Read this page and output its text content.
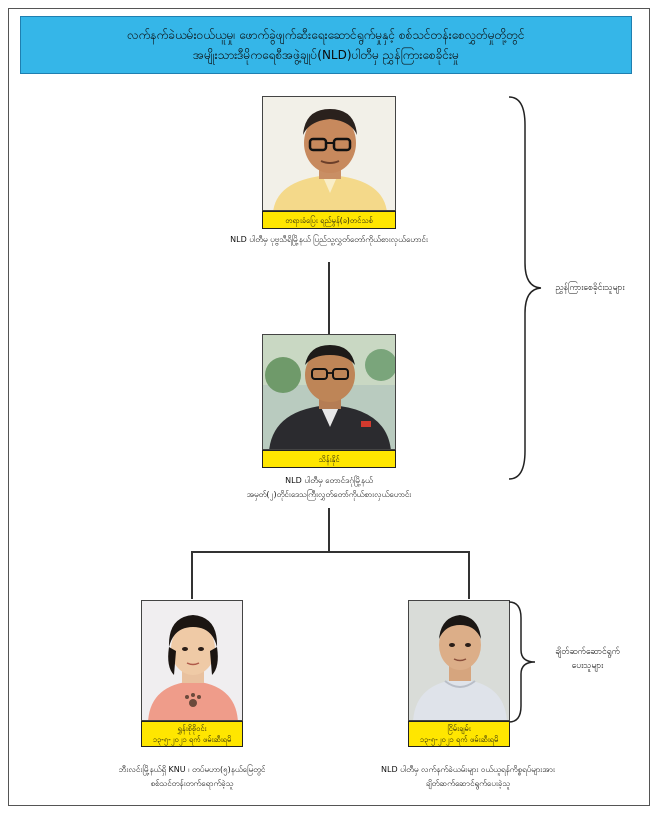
လက်နက်ခဲယမ်းဝယ်ယူမှု၊ ဖောက်ခွဲဖျက်ဆီးရေးဆောင်ရွက်မှုနှင့် စစ်သင်တန်းစေလွှတ်မှုတို့တွင်
အမျိုးသားဒီမိုကရေစီအဖွဲ့ချုပ်(NLD)ပါတီမှ ညွှန်ကြားစေခိုင်းမှု
တရားခံပြေး ရည်မွန်(ခ)တင်သစ်
NLD ပါတီမှ ပုဗ္ဗသီရိမြို့နယ် ပြည်သူ့လွှတ်တော်ကိုယ်စားလှယ်ဟောင်း
သိန်းနိုင်
NLD ပါတီမှ တောင်ဒဂုံမြို့နယ်
အမှတ်(၂)တိုင်းဒေသကြီးလွှတ်တော်ကိုယ်စားလှယ်ဟောင်း
ရွှန်းစိုစိုဝင်း
၁၃-၅-၂၀၂၁ ရက် ဖမ်းဆီးရမိ
ဘီးလင်းမြို့နယ်ရှိ KNU ၊ တပ်မဟာ(၅)နယ်မြေတွင်
စစ်သင်တန်းတက်ရောက်ခဲ့သူ
ငြိမ်းချမ်း
၁၃-၅-၂၀၂၁ ရက် ဖမ်းဆီးရမိ
NLD ပါတီမှ လက်နက်ခဲယမ်းများ ဝယ်ယူရန်ကိစ္စရပ်များအား
ချိတ်ဆက်ဆောင်ရွက်ပေးခဲ့သူ
ညွှန်ကြားစေခိုင်းသူများ
ချိတ်ဆက်ဆောင်ရွက်
ပေးသူများ
